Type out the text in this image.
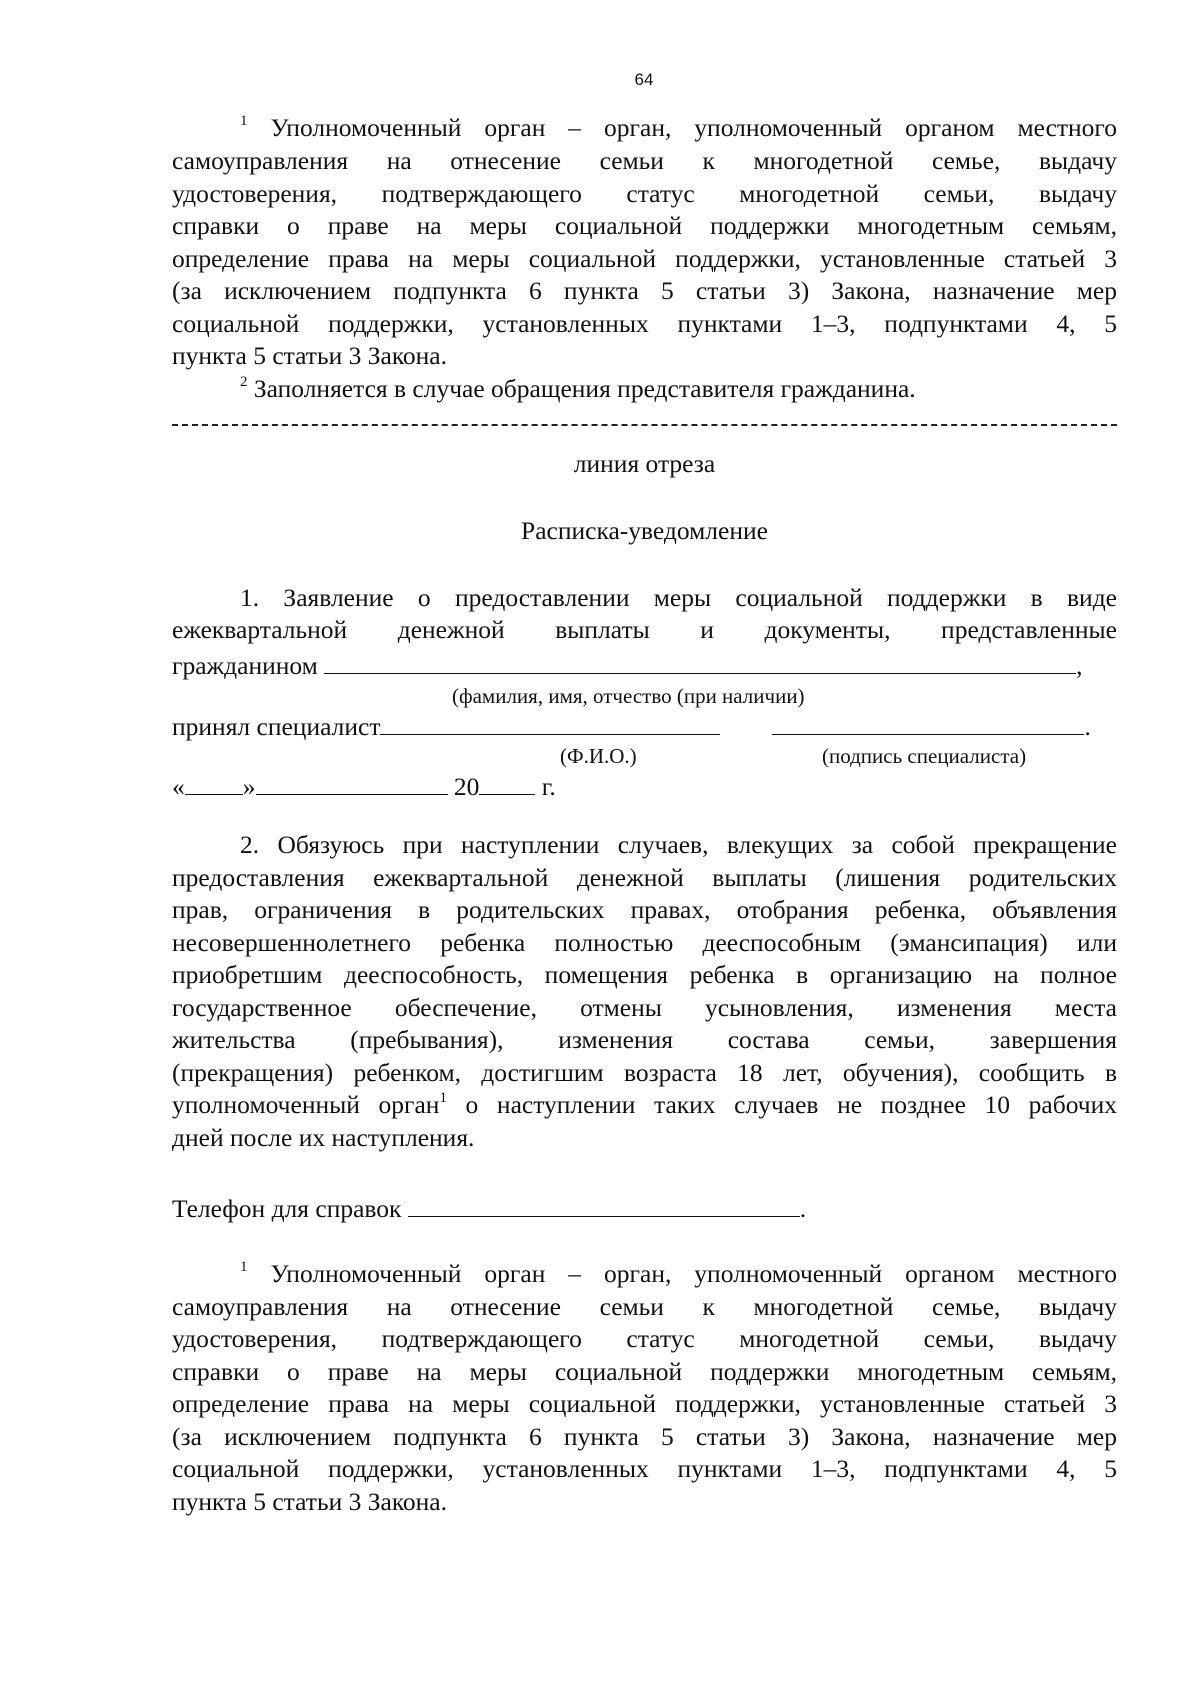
64
$^1$ Уполномоченный орган – орган, уполномоченный органом местного
самоуправления на отнесение семьи к многодетной семье, выдачу
удостоверения, подтверждающего статус многодетной семьи, выдачу
справки о праве на меры социальной поддержки многодетным семьям,
определение права на меры социальной поддержки, установленные статьей 3
(за исключением подпункта 6 пункта 5 статьи 3) Закона, назначение мер
социальной поддержки, установленных пунктами 1–3, подпунктами 4, 5
пункта 5 статьи 3 Закона.
$^2$ Заполняется в случае обращения представителя гражданина.
линия отреза
Расписка-уведомление
1. Заявление о предоставлении меры социальной поддержки в виде
ежеквартальной денежной выплаты и документы, представленные
гражданином	,
(фамилия, имя, отчество (при наличии)
принял специалист	.
(Ф.И.О.)	(подпись специалиста)
« »	20 г.
2. Обязуюсь при наступлении случаев, влекущих за собой прекращение
предоставления ежеквартальной денежной выплаты (лишения родительских
прав, ограничения в родительских правах, отобрания ребенка, объявления
несовершеннолетнего ребенка полностью дееспособным (эмансипация) или
приобретшим дееспособность, помещения ребенка в организацию на полное
государственное обеспечение, отмены усыновления, изменения места
жительства (пребывания), изменения состава семьи, завершения
(прекращения) ребенком, достигшим возраста 18 лет, обучения), сообщить в
уполномоченный орган$^1$ о наступлении таких случаев не позднее 10 рабочих
дней после их наступления.
Телефон для справок	.
$^1$ Уполномоченный орган – орган, уполномоченный органом местного
самоуправления на отнесение семьи к многодетной семье, выдачу
удостоверения, подтверждающего статус многодетной семьи, выдачу
справки о праве на меры социальной поддержки многодетным семьям,
определение права на меры социальной поддержки, установленные статьей 3
(за исключением подпункта 6 пункта 5 статьи 3) Закона, назначение мер
социальной поддержки, установленных пунктами 1–3, подпунктами 4, 5
пункта 5 статьи 3 Закона.
